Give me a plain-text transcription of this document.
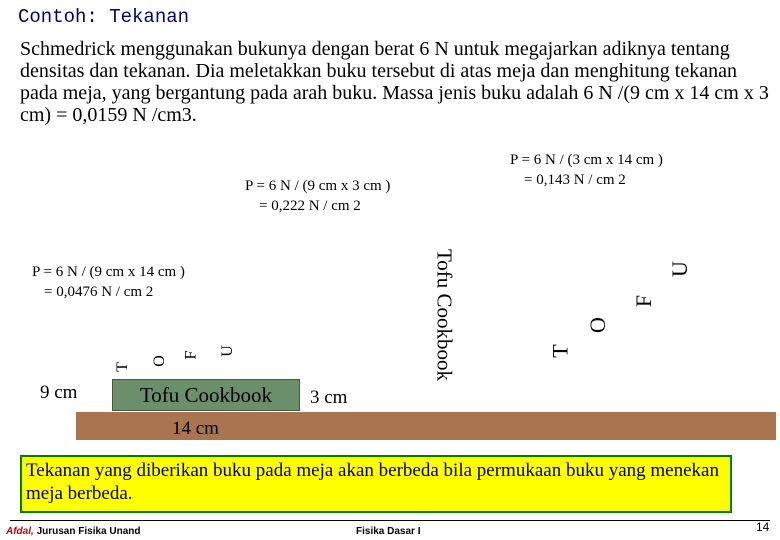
Contoh: Tekanan
Schmedrick menggunakan bukunya dengan berat 6 N untuk megajarkan adiknya tentang densitas dan tekanan. Dia meletakkan buku tersebut di atas meja dan menghitung tekanan pada meja, yang bergantung pada arah buku. Massa jenis buku adalah 6 N /(9 cm x 14 cm x 3 cm) = 0,0159 N /cm3.
P = 6 N / (3 cm x 14 cm )
= 0,143 N / cm 2
P = 6 N / (9 cm x 3 cm )
= 0,222 N / cm 2
P = 6 N / (9 cm x 14 cm )
= 0,0476 N / cm 2
T
O
F U
9 cm	Tofu Cookbook	3 cm
Tofu Cookbook	T
O
F
U
14 cm
Tekanan yang diberikan buku pada meja akan berbeda bila permukaan buku yang menekan meja berbeda.
Afdal, Jurusan Fisika Unand	Fisika Dasar I	14
